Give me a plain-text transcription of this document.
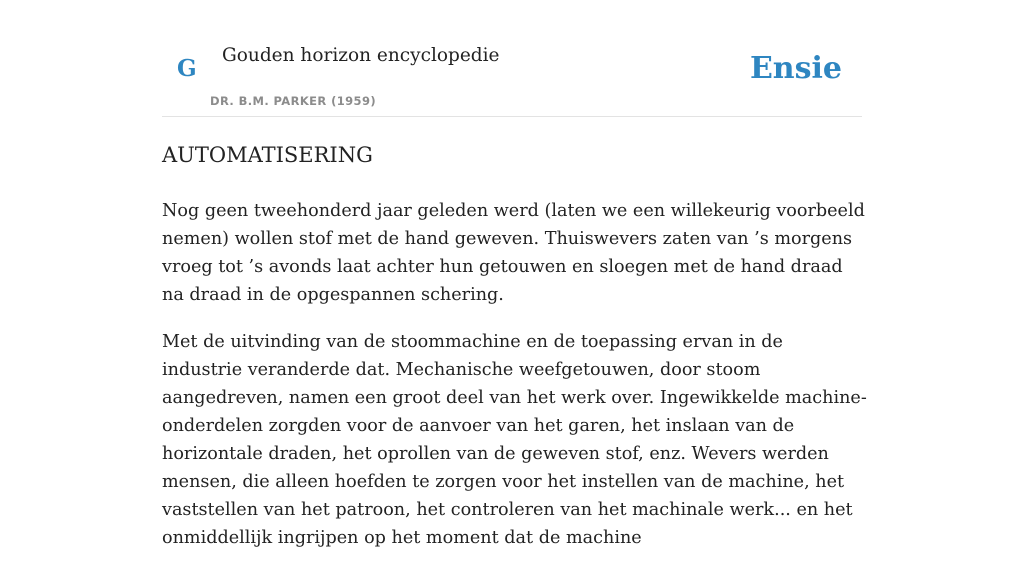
G Gouden horizon encyclopedie
DR. B.M. PARKER (1959)
Ensie
AUTOMATISERING

Nog geen tweehonderd jaar geleden werd (laten we een willekeurig voorbeeld nemen) wollen stof met de hand geweven. Thuiswevers zaten van ’s morgens vroeg tot ’s avonds laat achter hun getouwen en sloegen met de hand draad na draad in de opgespannen schering.

Met de uitvinding van de stoommachine en de toepassing ervan in de industrie veranderde dat. Mechanische weefgetouwen, door stoom aangedreven, namen een groot deel van het werk over. Ingewikkelde machine-onderdelen zorgden voor de aanvoer van het garen, het inslaan van de horizontale draden, het oprollen van de geweven stof, enz. Wevers werden mensen, die alleen hoefden te zorgen voor het instellen van de machine, het vaststellen van het patroon, het controleren van het machinale werk... en het onmiddellijk ingrijpen op het moment dat de machine
